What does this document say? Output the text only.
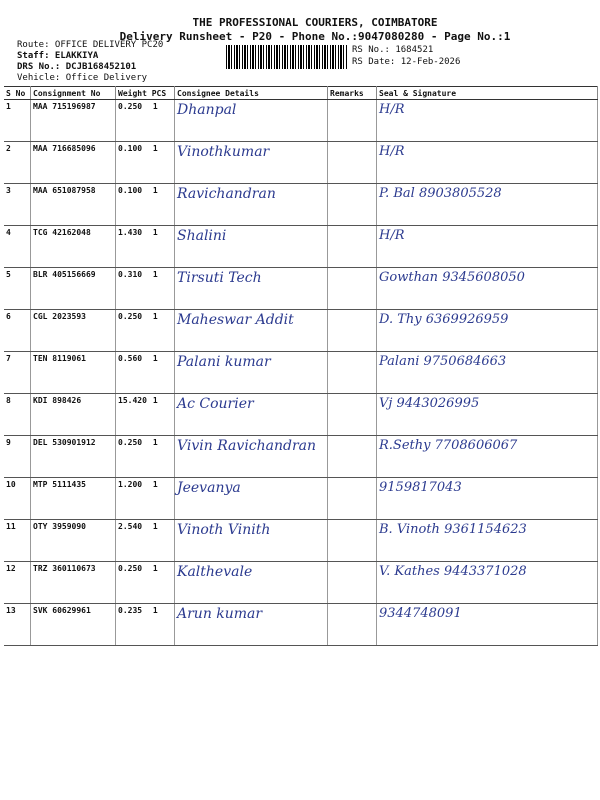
THE PROFESSIONAL COURIERS, COIMBATORE
Delivery Runsheet - P20 - Phone No.:9047080280 - Page No.:1
Route: OFFICE DELIVERY PC20
Staff: ELAKKIYA
DRS No.: DCJB168452101
Vehicle: Office Delivery
RS No.: 1684521
RS Date: 12-Feb-2026
S No	Consignment No	Weight PCS	Consignee Details	Remarks	Seal & Signature
1	MAA 715196987	0.250 1	Dhanpal		H/R
2	MAA 716685096	0.100 1	Vinothkumar		H/R
3	MAA 651087958	0.100 1	Ravichandran		P. Bal 8903805528
4	TCG 42162048	1.430 1	Shalini		H/R
5	BLR 405156669	0.310 1	Tirsuti Tech		Gowthan 9345608050
6	CGL 2023593	0.250 1	Maheswar Addit		D. Thy 6369926959
7	TEN 8119061	0.560 1	Palani kumar		Palani 9750684663
8	KDI 898426	15.420 1	Ac Courier		Vj 9443026995
9	DEL 530901912	0.250 1	Vivin Ravichandran		R.Sethy 7708606067
10	MTP 5111435	1.200 1	Jeevanya		9159817043
11	OTY 3959090	2.540 1	Vinoth Vinith		B. Vinoth 9361154623
12	TRZ 360110673	0.250 1	Kalthevale		V. Kathes 9443371028
13	SVK 60629961	0.235 1	Arun kumar		9344748091
